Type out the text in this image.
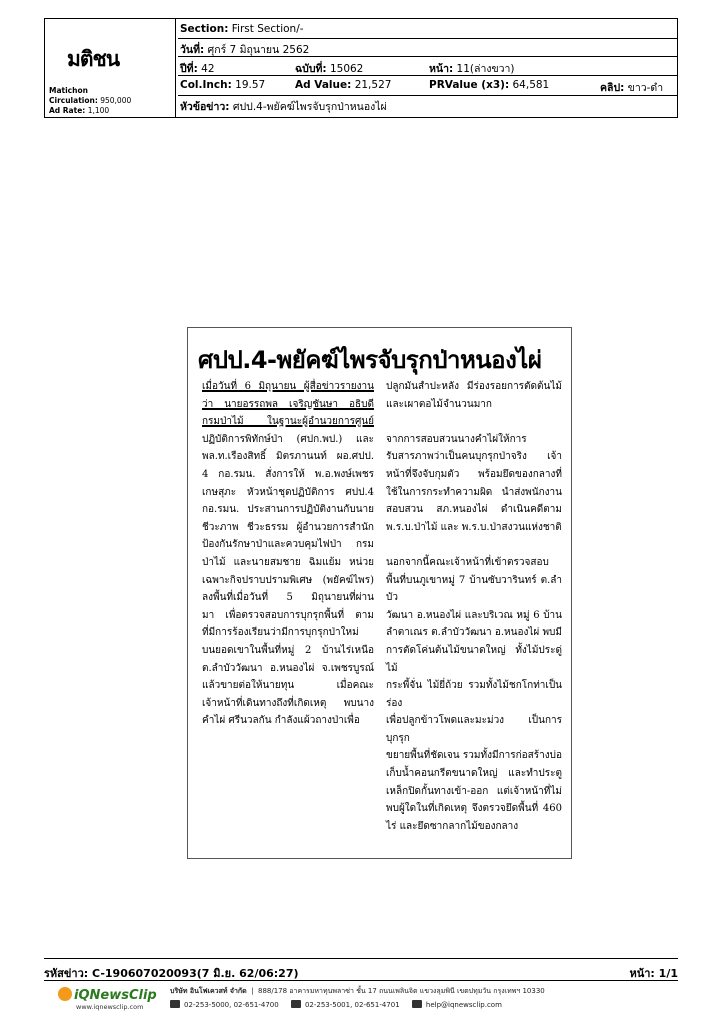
มติชน
Matichon
Circulation: 950,000
Ad Rate: 1,100
Section: First Section/-
วันที่: ศุกร์ 7 มิถุนายน 2562
ปีที่: 42	ฉบับที่: 15062	หน้า: 11(ล่างขวา)
Col.Inch: 19.57	Ad Value: 21,527	PRValue (x3): 64,581	คลิป: ขาว-ดำ
หัวข้อข่าว: ศปป.4-พยัคฆ์ไพรจับรุกป่าหนองไผ่
ศปป.4-พยัคฆ์ไพรจับรุกป่าหนองไผ่

เมื่อวันที่ 6 มิถุนายน ผู้สื่อข่าวรายงาน

ว่า นายอรรถพล เจริญชันษา อธิบดี

กรมป่าไม้ ในฐานะผู้อำนวยการศูนย์

ปฏิบัติการพิทักษ์ป่า (ศปก.พป.) และ

พล.ท.เรืองสิทธิ์ มิตรภานนท์ ผอ.ศปป.

4 กอ.รมน. สั่งการให้ พ.อ.พงษ์เพชร

เกษสุภะ หัวหน้าชุดปฏิบัติการ ศปป.4

กอ.รมน. ประสานการปฏิบัติงานกับนาย

ชีวะภาพ ชีวะธรรม ผู้อำนวยการสำนัก

ป้องกันรักษาป่าและควบคุมไฟป่า กรม

ป่าไม้ และนายสมชาย ฉิมแย้ม หน่วย

เฉพาะกิจปราบปรามพิเศษ (พยัคฆ์ไพร)

ลงพื้นที่เมื่อวันที่ 5 มิถุนายนที่ผ่าน

มา เพื่อตรวจสอบการบุกรุกพื้นที่ ตาม

ที่มีการร้องเรียนว่ามีการบุกรุกป่าใหม่

บนยอดเขาในพื้นที่หมู่ 2 บ้านไร่เหนือ

ต.ลำบัววัฒนา อ.หนองไผ่ จ.เพชรบูรณ์

แล้วขายต่อให้นายทุน เมื่อคณะ

เจ้าหน้าที่เดินทางถึงที่เกิดเหตุ พบนาง

คำไผ่ ศรีนวลกัน กำลังแผ้วถางป่าเพื่อ

ปลูกมันสำปะหลัง มีร่องรอยการตัดต้นไม้

และเผาตอไม้จำนวนมาก

จากการสอบสวนนางคำไผ่ให้การ

รับสารภาพว่าเป็นคนบุกรุกป่าจริง เจ้า

หน้าที่จึงจับกุมตัว พร้อมยึดของกลางที่

ใช้ในการกระทำความผิด นำส่งพนักงาน

สอบสวน สภ.หนองไผ่ ดำเนินคดีตาม

พ.ร.บ.ป่าไม้ และ พ.ร.บ.ป่าสงวนแห่งชาติ

นอกจากนี้คณะเจ้าหน้าที่เข้าตรวจสอบ

พื้นที่บนภูเขาหมู่ 7 บ้านซับวารินทร์ ต.ลำบัว

วัฒนา อ.หนองไผ่ และบริเวณ หมู่ 6 บ้าน

ลำตาเณร ต.ลำบัววัฒนา อ.หนองไผ่ พบมี

การตัดโค่นต้นไม้ขนาดใหญ่ ทั้งไม้ประดู่ ไม้

กระพี้จั่น ไม้ยี่ถ้วย รวมทั้งไม้ชกโกท่าเป็นร่อง

เพื่อปลูกข้าวโพดและมะม่วง เป็นการบุกรุก

ขยายพื้นที่ชัดเจน รวมทั้งมีการก่อสร้างบ่อ

เก็บน้ำคอนกรีตขนาดใหญ่ และทำประตู

เหล็กปิดกั้นทางเข้า-ออก แต่เจ้าหน้าที่ไม่

พบผู้ใดในที่เกิดเหตุ จึงตรวจยึดพื้นที่ 460

ไร่ และยึดซากลากไม้ของกลาง

รหัสข่าว: C-190607020093(7 มิ.ย. 62/06:27)	หน้า: 1/1
iQNewsClip
www.iqnewsclip.com
บริษัท อินโฟเควสท์ จำกัด  |  888/178 อาคารมหาทุนพลาซ่า ชั้น 17 ถนนเพลินจิต แขวงลุมพินี เขตปทุมวัน กรุงเทพฯ 10330
02-253-5000, 02-651-4700	02-253-5001, 02-651-4701	help@iqnewsclip.com
